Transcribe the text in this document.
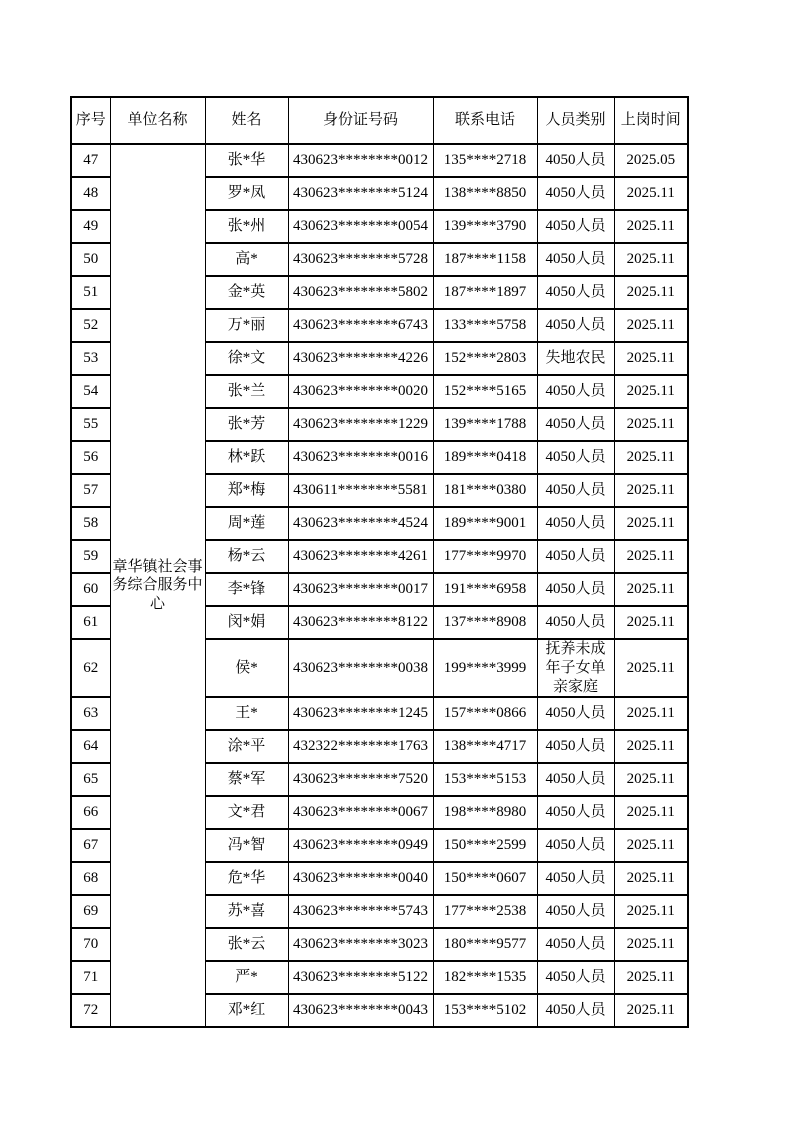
序号	单位名称	姓名	身份证号码	联系电话	人员类别	上岗时间
47	章华镇社会事务综合服务中心	张*华	430623********0012	135****2718	4050人员	2025.05
48		罗*凤	430623********5124	138****8850	4050人员	2025.11
49		张*州	430623********0054	139****3790	4050人员	2025.11
50		高*	430623********5728	187****1158	4050人员	2025.11
51		金*英	430623********5802	187****1897	4050人员	2025.11
52		万*丽	430623********6743	133****5758	4050人员	2025.11
53		徐*文	430623********4226	152****2803	失地农民	2025.11
54		张*兰	430623********0020	152****5165	4050人员	2025.11
55		张*芳	430623********1229	139****1788	4050人员	2025.11
56		林*跃	430623********0016	189****0418	4050人员	2025.11
57		郑*梅	430611********5581	181****0380	4050人员	2025.11
58		周*莲	430623********4524	189****9001	4050人员	2025.11
59		杨*云	430623********4261	177****9970	4050人员	2025.11
60		李*锋	430623********0017	191****6958	4050人员	2025.11
61		闵*娟	430623********8122	137****8908	4050人员	2025.11
62		侯*	430623********0038	199****3999	抚养未成年子女单亲家庭	2025.11
63		王*	430623********1245	157****0866	4050人员	2025.11
64		涂*平	432322********1763	138****4717	4050人员	2025.11
65		蔡*军	430623********7520	153****5153	4050人员	2025.11
66		文*君	430623********0067	198****8980	4050人员	2025.11
67		冯*智	430623********0949	150****2599	4050人员	2025.11
68		危*华	430623********0040	150****0607	4050人员	2025.11
69		苏*喜	430623********5743	177****2538	4050人员	2025.11
70		张*云	430623********3023	180****9577	4050人员	2025.11
71		严*	430623********5122	182****1535	4050人员	2025.11
72		邓*红	430623********0043	153****5102	4050人员	2025.11
